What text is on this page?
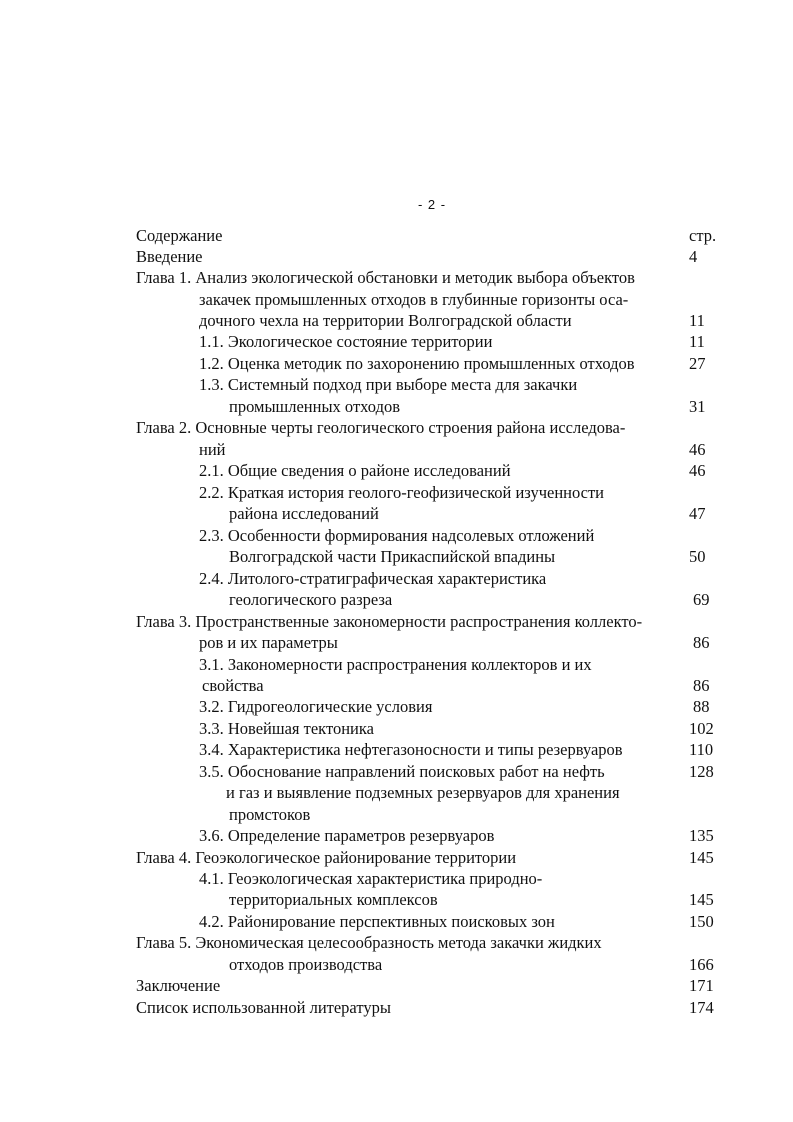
- 2 -
Содержание	стр.
Введение	4
Глава 1. Анализ экологической обстановки и методик выбора объектов
закачек промышленных отходов в глубинные горизонты оса-
дочного чехла на территории Волгоградской области	11
1.1. Экологическое состояние территории	11
1.2. Оценка методик по захоронению промышленных отходов	27
1.3. Системный подход при выборе места для закачки
промышленных отходов	31
Глава 2. Основные черты геологического строения района исследова-
ний	46
2.1. Общие сведения о районе исследований	46
2.2. Краткая история геолого-геофизической изученности
района исследований	47
2.3. Особенности формирования надсолевых отложений
Волгоградской части Прикаспийской впадины	50
2.4. Литолого-стратиграфическая характеристика
геологического разреза	69
Глава 3. Пространственные закономерности распространения коллекто-
ров и их параметры	86
3.1. Закономерности распространения коллекторов и их
свойства	86
3.2. Гидрогеологические условия	88
3.3. Новейшая тектоника	102
3.4. Характеристика нефтегазоносности и типы резервуаров	110
3.5. Обоснование направлений поисковых работ на нефть	128
и газ и выявление подземных резервуаров для хранения
промстоков
3.6. Определение параметров резервуаров	135
Глава 4. Геоэкологическое районирование территории	145
4.1. Геоэкологическая характеристика природно-
территориальных комплексов	145
4.2. Районирование перспективных поисковых зон	150
Глава 5. Экономическая целесообразность метода закачки жидких
отходов производства	166
Заключение	171
Список использованной литературы	174
